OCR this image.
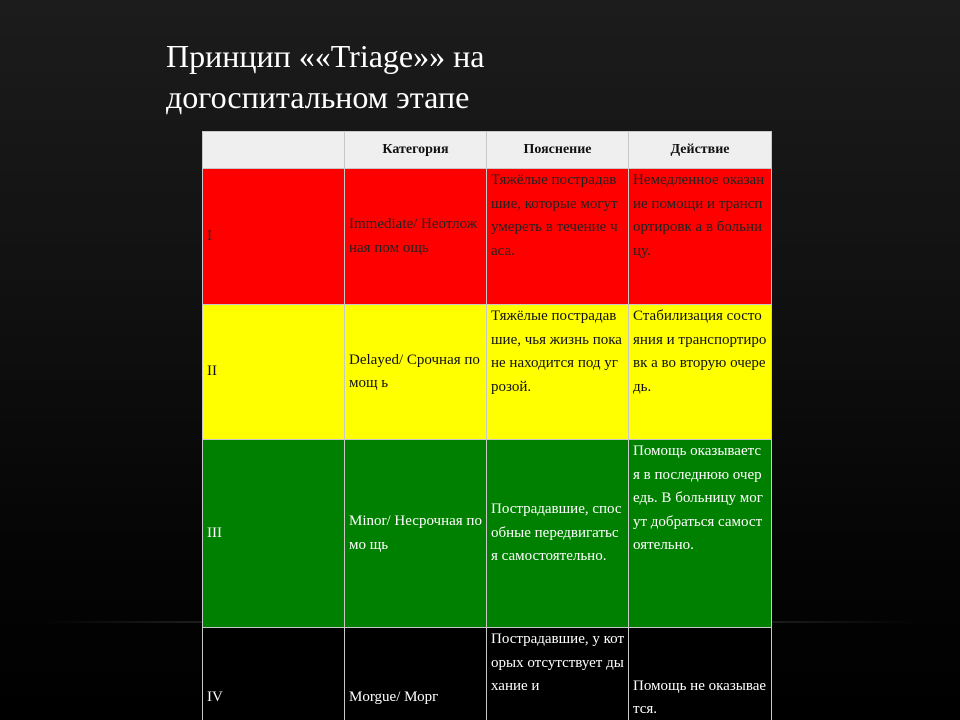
Принцип ««Triage»» на
догоспитальном этапе
	Категория	Пояснение	Действие
I	Immediate/ Неотложная пом ощь	Тяжёлые пострадавшие, которые могут умереть в течение часа.	Немедленное оказание помощи и транспортировк а в больницу.
II	Delayed/ Срочная помощ ь	Тяжёлые пострадавшие, чья жизнь пока не находится под угрозой.	Стабилизация состояния и транспортировк а во вторую очередь.
III	Minor/ Несрочная помо щь	Пострадавшие, способные передвигаться самостоятельно.	Помощь оказывается в последнюю очередь. В больницу могут добраться самостоятельно.
IV	Morgue/ Морг	Пострадавшие, у которых отсутствует дыхание и	Помощь не оказывается.
